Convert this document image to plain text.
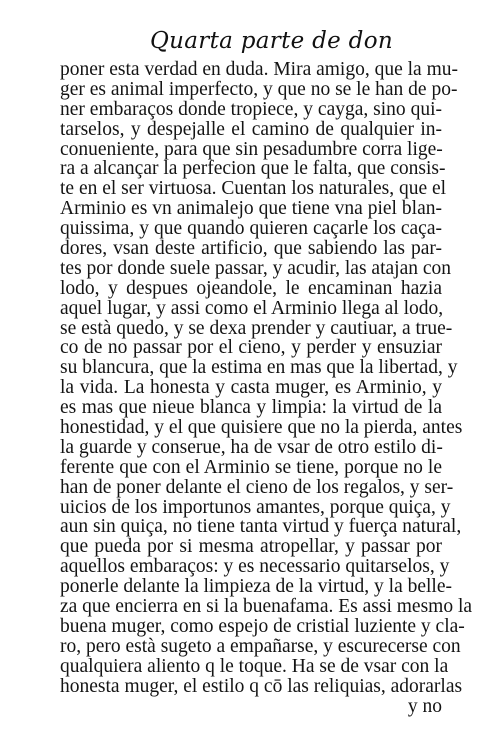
Quarta parte de don
poner esta verdad en duda. Mira amigo, que la mu-
ger es animal imperfecto, y que no se le han de po-
ner embaraços donde tropiece, y cayga, sino qui-
tarselos, y despejalle el camino de qualquier in-
conueniente, para que sin pesadumbre corra lige-
ra a alcançar la perfecion que le falta, que consis-
te en el ser virtuosa. Cuentan los naturales, que el
Arminio es vn animalejo que tiene vna piel blan-
quissima, y que quando quieren caçarle los caça-
dores, vsan deste artificio, que sabiendo las par-
tes por donde suele passar, y acudir, las atajan con
lodo, y despues ojeandole, le encaminan hazia
aquel lugar, y assi como el Arminio llega al lodo,
se està quedo, y se dexa prender y cautiuar, a true-
co de no passar por el cieno, y perder y ensuziar
su blancura, que la estima en mas que la libertad, y
la vida. La honesta y casta muger, es Arminio, y
es mas que nieue blanca y limpia: la virtud de la
honestidad, y el que quisiere que no la pierda, antes
la guarde y conserue, ha de vsar de otro estilo di-
ferente que con el Arminio se tiene, porque no le
han de poner delante el cieno de los regalos, y ser-
uicios de los importunos amantes, porque quiça, y
aun sin quiça, no tiene tanta virtud y fuerça natural,
que pueda por si mesma atropellar, y passar por
aquellos embaraços: y es necessario quitarselos, y
ponerle delante la limpieza de la virtud, y la belle-
za que encierra en si la buenafama. Es assi mesmo la
buena muger, como espejo de cristial luziente y cla-
ro, pero està sugeto a empañarse, y escurecerse con
qualquiera aliento q le toque. Ha se de vsar con la
honesta muger, el estilo q cō las reliquias, adorarlas
y no
